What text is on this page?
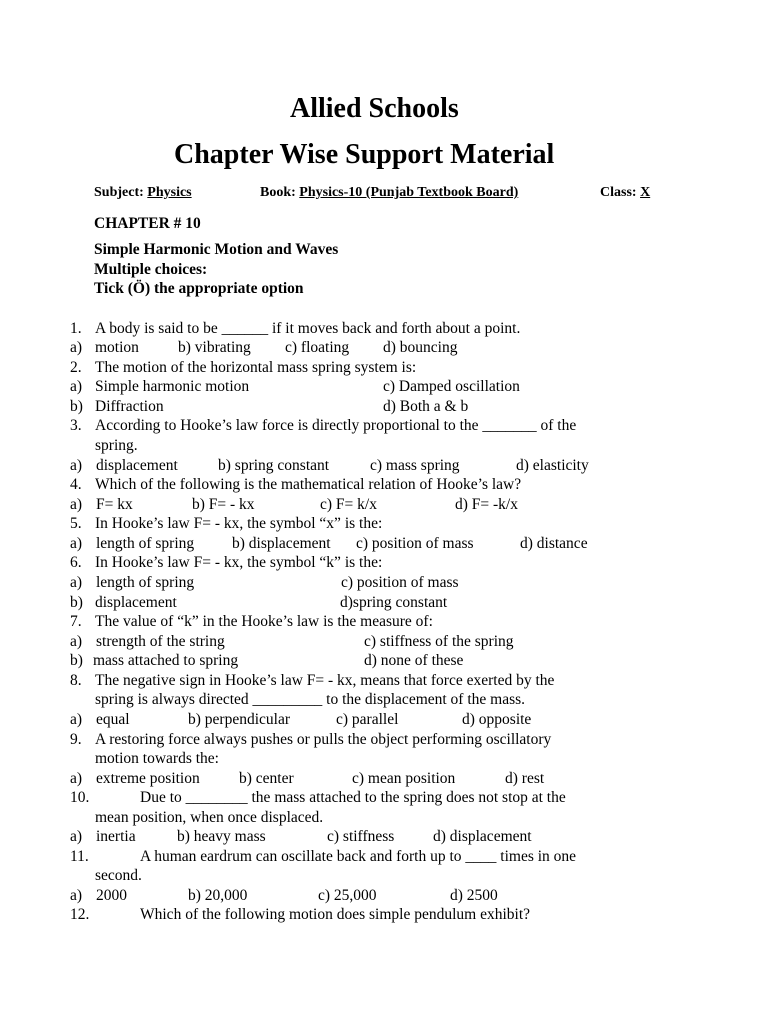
Allied Schools
Chapter Wise Support Material
Subject: Physics	Book: Physics-10 (Punjab Textbook Board)	Class: X
CHAPTER # 10
Simple Harmonic Motion and Waves
Multiple choices:
Tick (Ö) the appropriate option
1. A body is said to be ______ if it moves back and forth about a point.
a) motion	b) vibrating c) floating d) bouncing
2. The motion of the horizontal mass spring system is:
a) Simple harmonic motion	c) Damped oscillation
b) Diffraction	d) Both a & b
3. According to Hooke’s law force is directly proportional to the _______ of the
spring.
a) displacement	b) spring constant	c) mass spring	d) elasticity
4. Which of the following is the mathematical relation of Hooke’s law?
a) F= kx	b) F= - kx	c) F= k/x	d) F= -k/x
5. In Hooke’s law F= - kx, the symbol “x” is the:
a) length of spring b) displacement c) position of mass	d) distance
6. In Hooke’s law F= - kx, the symbol “k” is the:
a) length of spring	c) position of mass
b) displacement	d)spring constant
7. The value of “k” in the Hooke’s law is the measure of:
a) strength of the string	c) stiffness of the spring
b) mass attached to spring	d) none of these
8. The negative sign in Hooke’s law F= - kx, means that force exerted by the
spring is always directed _________ to the displacement of the mass.
a) equal	b) perpendicular	c) parallel	d) opposite
9. A restoring force always pushes or pulls the object performing oscillatory
motion towards the:
a) extreme position	b) center	c) mean position	d) rest
10.	Due to ________ the mass attached to the spring does not stop at the
mean position, when once displaced.
a) inertia	b) heavy mass	c) stiffness d) displacement
11.	A human eardrum can oscillate back and forth up to ____ times in one
second.
a) 2000	b) 20,000	c) 25,000	d) 2500
12.	Which of the following motion does simple pendulum exhibit?
